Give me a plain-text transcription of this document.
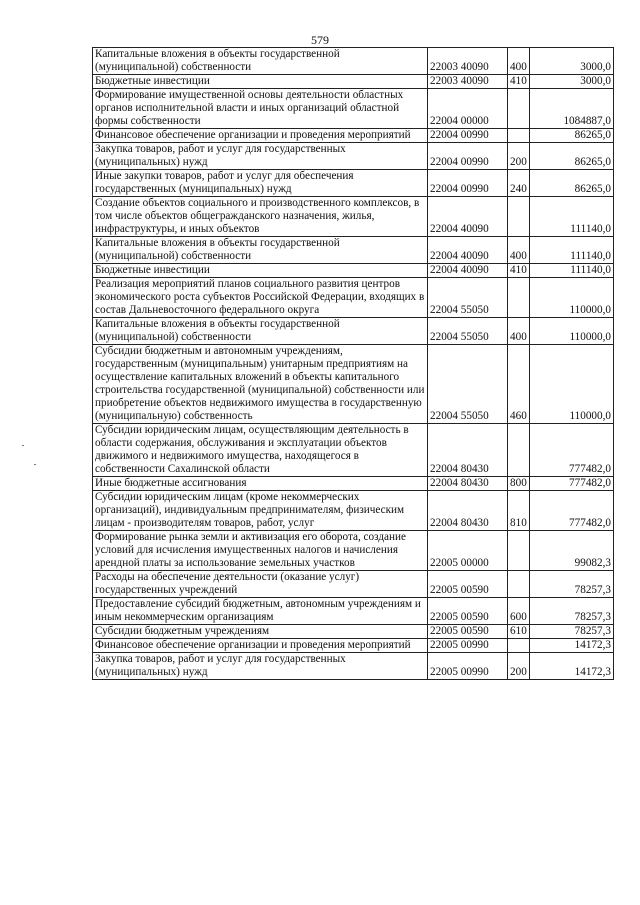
579
Капитальные вложения в объекты государственной (муниципальной) собственности	22003 40090	400	3000,0
Бюджетные инвестиции	22003 40090	410	3000,0
Формирование имущественной основы деятельности областных органов исполнительной власти и иных организаций областной формы собственности	22004 00000		1084887,0
Финансовое обеспечение организации и проведения мероприятий	22004 00990		86265,0
Закупка товаров, работ и услуг для государственных (муниципальных) нужд	22004 00990	200	86265,0
Иные закупки товаров, работ и услуг для обеспечения государственных (муниципальных) нужд	22004 00990	240	86265,0
Создание объектов социального и производственного комплексов, в том числе объектов общегражданского назначения, жилья, инфраструктуры, и иных объектов	22004 40090		111140,0
Капитальные вложения в объекты государственной (муниципальной) собственности	22004 40090	400	111140,0
Бюджетные инвестиции	22004 40090	410	111140,0
Реализация мероприятий планов социального развития центров экономического роста субъектов Российской Федерации, входящих в состав Дальневосточного федерального округа	22004 55050		110000,0
Капитальные вложения в объекты государственной (муниципальной) собственности	22004 55050	400	110000,0
Субсидии бюджетным и автономным учреждениям, государственным (муниципальным) унитарным предприятиям на осуществление капитальных вложений в объекты капитального строительства государственной (муниципальной) собственности или приобретение объектов недвижимого имущества в государственную (муниципальную) собственность	22004 55050	460	110000,0
Субсидии юридическим лицам, осуществляющим деятельность в области содержания, обслуживания и эксплуатации объектов движимого и недвижимого имущества, находящегося в собственности Сахалинской области	22004 80430		777482,0
Иные бюджетные ассигнования	22004 80430	800	777482,0
Субсидии юридическим лицам (кроме некоммерческих организаций), индивидуальным предпринимателям, физическим лицам - производителям товаров, работ, услуг	22004 80430	810	777482,0
Формирование рынка земли и активизация его оборота, создание условий для исчисления имущественных налогов и начисления арендной платы за использование земельных участков	22005 00000		99082,3
Расходы на обеспечение деятельности (оказание услуг) государственных учреждений	22005 00590		78257,3
Предоставление субсидий бюджетным, автономным учреждениям и иным некоммерческим организациям	22005 00590	600	78257,3
Субсидии бюджетным учреждениям	22005 00590	610	78257,3
Финансовое обеспечение организации и проведения мероприятий	22005 00990		14172,3
Закупка товаров, работ и услуг для государственных (муниципальных) нужд	22005 00990	200	14172,3
